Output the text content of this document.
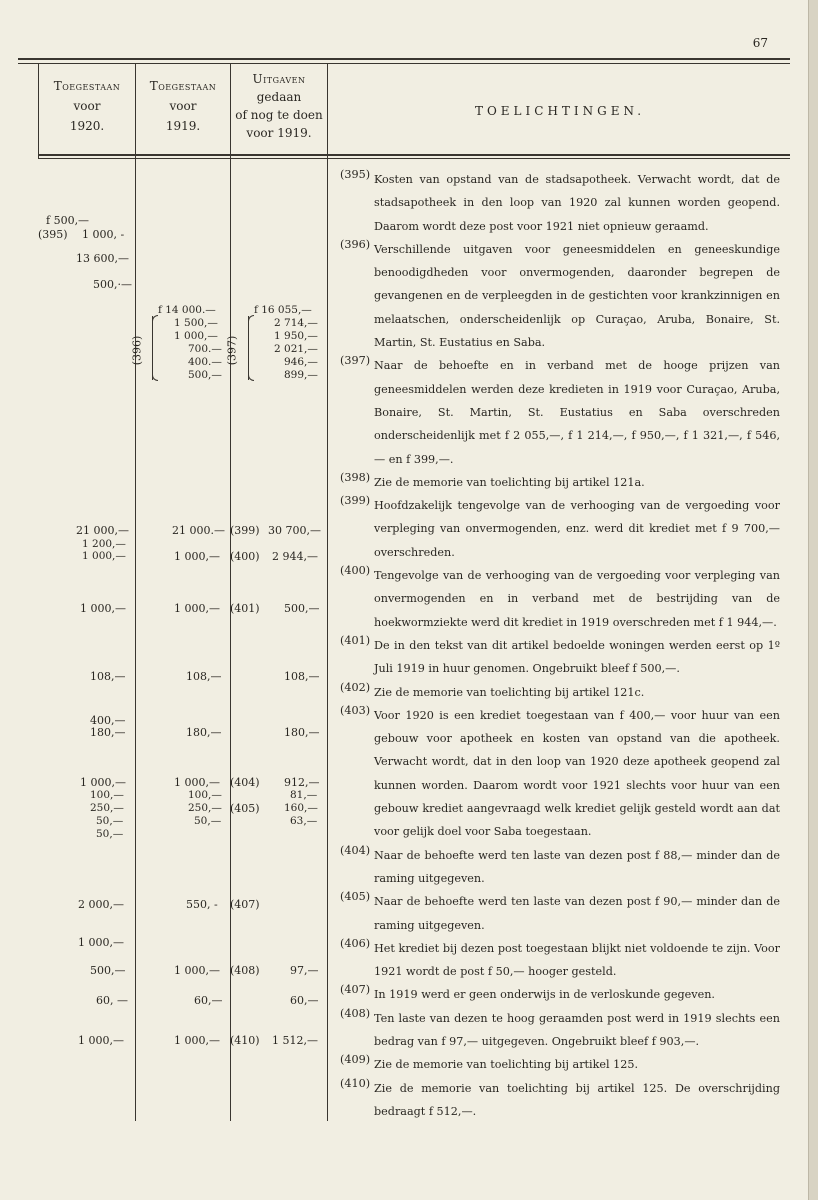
67
Toegestaan
voor
1920.
Toegestaan
voor
1919.
Uitgaven
gedaan
of nog te doen
voor 1919.
TOELICHTINGEN.
f 500,—
(395) 1 000, -
13 600,—
500,·—
21 000,—
1 200,—
1 000,—
1 000,—
108,—
400,—
180,—
1 000,—
100,—
250,—
50,—
50,—
2 000,—
1 000,—
500,—
60, —
1 000,—
(396)
f 14 000.—
1 500,—
1 000,—
700.—
400.—
500,—
21 000.—
1 000,—
1 000,—
108,—
180,—
1 000,—
100,—
250,—
50,—
550, -
1 000,—
60,—
1 000,—
(397)
f 16 055,—
2 714,—
1 950,—
2 021,—
946,—
899,—
(399) 30 700,—
(400) 2 944,—
(401) 500,—
108,—
180,—
(404) 912,—
81,—
(405) 160,—
63,—
(407)
(408)	97,—
60,—
(410) 1 512,—
(395) Kosten van opstand van de stadsapotheek. Verwacht wordt, dat de stadsapotheek in den loop van 1920 zal kunnen worden geopend. Daarom wordt deze post voor 1921 niet opnieuw geraamd.
(396) Verschillende uitgaven voor geneesmiddelen en geneeskundige benoodigdheden voor onvermogenden, daaronder begrepen de gevangenen en de verpleegden in de gestichten voor krankzinnigen en melaatschen, onderscheidenlijk op Curaçao, Aruba, Bonaire, St. Martin, St. Eustatius en Saba.
(397) Naar de behoefte en in verband met de hooge prijzen van geneesmiddelen werden deze kredieten in 1919 voor Curaçao, Aruba, Bonaire, St. Martin, St. Eustatius en Saba overschreden onderscheidenlijk met f 2 055,—, f 1 214,—, f 950,—, f 1 321,—, f 546,— en f 399,—.
(398) Zie de memorie van toelichting bij artikel 121a.
(399) Hoofdzakelijk tengevolge van de verhooging van de vergoeding voor verpleging van onvermogenden, enz. werd dit krediet met f 9 700,— overschreden.
(400) Tengevolge van de verhooging van de vergoeding voor verpleging van onvermogenden en in verband met de bestrijding van de hoekwormziekte werd dit krediet in 1919 overschreden met f 1 944,—.
(401) De in den tekst van dit artikel bedoelde woningen werden eerst op 1º Juli 1919 in huur genomen. Ongebruikt bleef f 500,—.
(402) Zie de memorie van toelichting bij artikel 121c.
(403) Voor 1920 is een krediet toegestaan van f 400,— voor huur van een gebouw voor apotheek en kosten van opstand van die apotheek. Verwacht wordt, dat in den loop van 1920 deze apotheek geopend zal kunnen worden. Daarom wordt voor 1921 slechts voor huur van een gebouw krediet aangevraagd welk krediet gelijk gesteld wordt aan dat voor gelijk doel voor Saba toegestaan.
(404) Naar de behoefte werd ten laste van dezen post f 88,— minder dan de raming uitgegeven.
(405) Naar de behoefte werd ten laste van dezen post f 90,— minder dan de raming uitgegeven.
(406) Het krediet bij dezen post toegestaan blijkt niet voldoende te zijn. Voor 1921 wordt de post f 50,— hooger gesteld.
(407) In 1919 werd er geen onderwijs in de verloskunde gegeven.
(408) Ten laste van dezen te hoog geraamden post werd in 1919 slechts een bedrag van f 97,— uitgegeven. Ongebruikt bleef f 903,—.
(409) Zie de memorie van toelichting bij artikel 125.
(410) Zie de memorie van toelichting bij artikel 125. De overschrijding bedraagt f 512,—.
